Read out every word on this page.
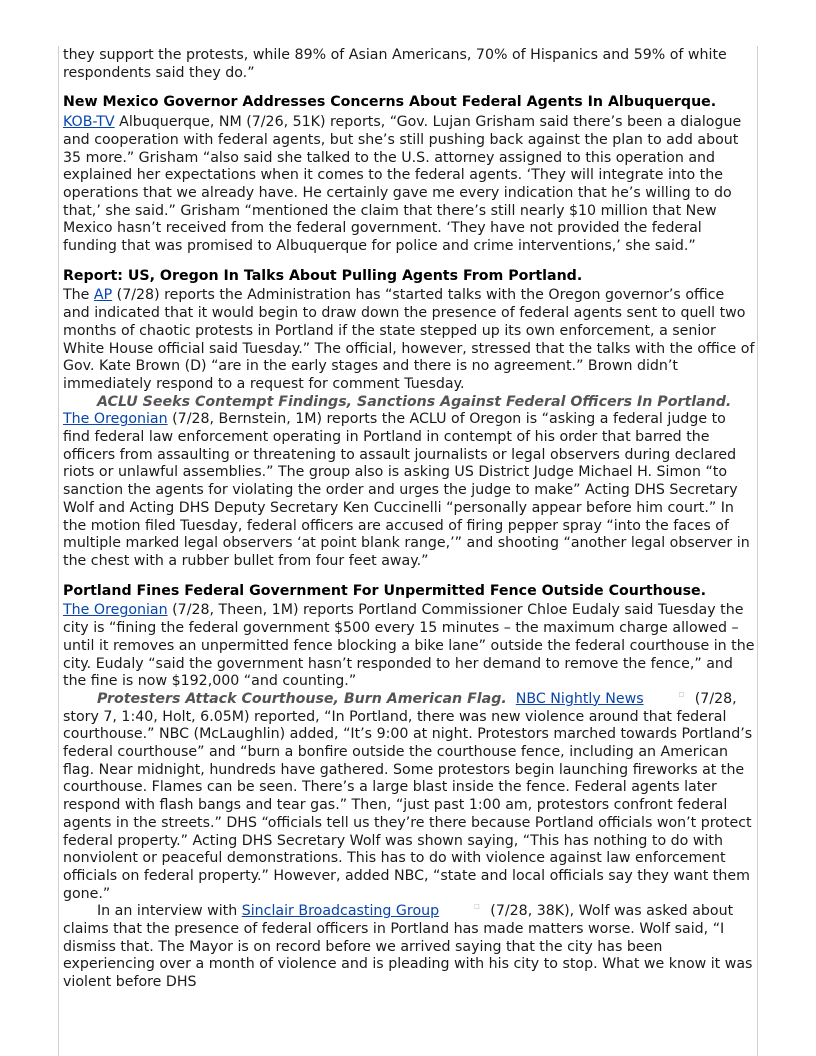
they support the protests, while 89% of Asian Americans, 70% of Hispanics and 59% of white respondents said they do.”

New Mexico Governor Addresses Concerns About Federal Agents In Albuquerque.

KOB-TV Albuquerque, NM (7/26, 51K) reports, “Gov. Lujan Grisham said there’s been a dialogue and cooperation with federal agents, but she’s still pushing back against the plan to add about 35 more.” Grisham “also said she talked to the U.S. attorney assigned to this operation and explained her expectations when it comes to the federal agents. ‘They will integrate into the operations that we already have. He certainly gave me every indication that he’s willing to do that,’ she said.” Grisham “mentioned the claim that there’s still nearly $10 million that New Mexico hasn’t received from the federal government. ‘They have not provided the federal funding that was promised to Albuquerque for police and crime interventions,’ she said.”

Report: US, Oregon In Talks About Pulling Agents From Portland.

The AP (7/28) reports the Administration has “started talks with the Oregon governor’s office and indicated that it would begin to draw down the presence of federal agents sent to quell two months of chaotic protests in Portland if the state stepped up its own enforcement, a senior White House official said Tuesday.” The official, however, stressed that the talks with the office of Gov. Kate Brown (D) “are in the early stages and there is no agreement.” Brown didn’t immediately respond to a request for comment Tuesday.

ACLU Seeks Contempt Findings, Sanctions Against Federal Officers In Portland.

The Oregonian (7/28, Bernstein, 1M) reports the ACLU of Oregon is “asking a federal judge to find federal law enforcement operating in Portland in contempt of his order that barred the officers from assaulting or threatening to assault journalists or legal observers during declared riots or unlawful assemblies.” The group also is asking US District Judge Michael H. Simon “to sanction the agents for violating the order and urges the judge to make” Acting DHS Secretary Wolf and Acting DHS Deputy Secretary Ken Cuccinelli “personally appear before him court.” In the motion filed Tuesday, federal officers are accused of firing pepper spray “into the faces of multiple marked legal observers ‘at point blank range,’” and shooting “another legal observer in the chest with a rubber bullet from four feet away.”

Portland Fines Federal Government For Unpermitted Fence Outside Courthouse.

The Oregonian (7/28, Theen, 1M) reports Portland Commissioner Chloe Eudaly said Tuesday the city is “fining the federal government $500 every 15 minutes – the maximum charge allowed – until it removes an unpermitted fence blocking a bike lane” outside the federal courthouse in the city. Eudaly “said the government hasn’t responded to her demand to remove the fence,” and the fine is now $192,000 “and counting.”

Protesters Attack Courthouse, Burn American Flag. NBC Nightly News	□ (7/28, story 7, 1:40, Holt, 6.05M) reported, “In Portland, there was new violence around that federal courthouse.” NBC (McLaughlin) added, “It’s 9:00 at night. Protestors marched towards Portland’s federal courthouse” and “burn a bonfire outside the courthouse fence, including an American flag. Near midnight, hundreds have gathered. Some protestors begin launching fireworks at the courthouse. Flames can be seen. There’s a large blast inside the fence. Federal agents later respond with flash bangs and tear gas.” Then, “just past 1:00 am, protestors confront federal agents in the streets.” DHS “officials tell us they’re there because Portland officials won’t protect federal property.” Acting DHS Secretary Wolf was shown saying, “This has nothing to do with nonviolent or peaceful demonstrations. This has to do with violence against law enforcement officials on federal property.” However, added NBC, “state and local officials say they want them gone.”

In an interview with Sinclair Broadcasting Group	□ (7/28, 38K), Wolf was asked about claims that the presence of federal officers in Portland has made matters worse. Wolf said, “I dismiss that. The Mayor is on record before we arrived saying that the city has been experiencing over a month of violence and is pleading with his city to stop. What we know it was violent before DHS
